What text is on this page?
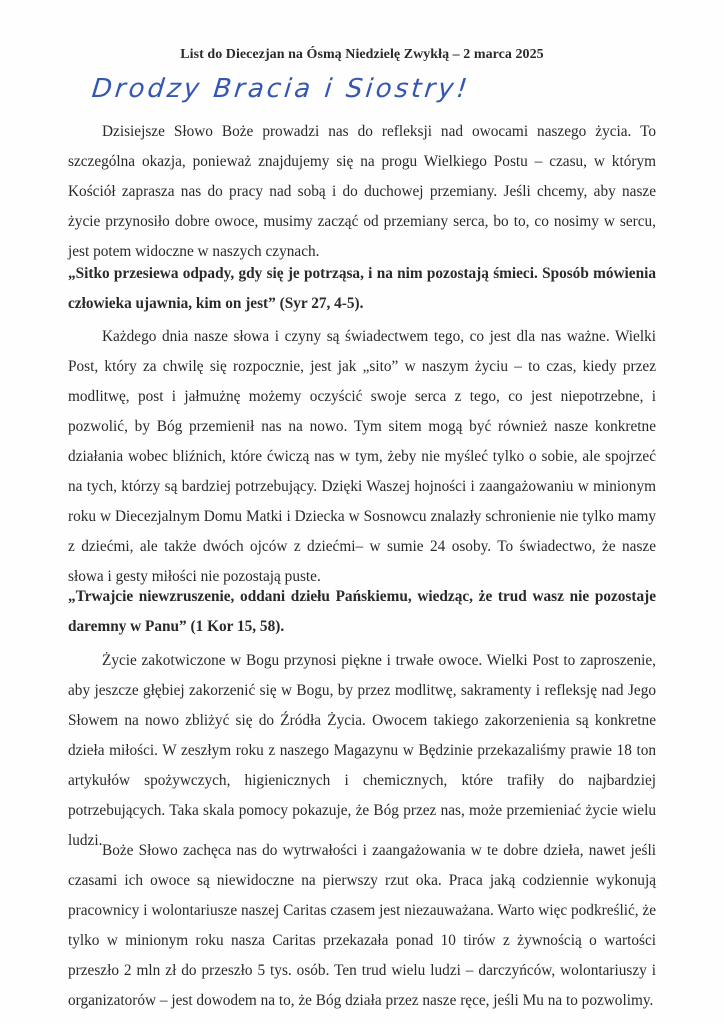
List do Diecezjan na Ósmą Niedzielę Zwykłą – 2 marca 2025
Drodzy Bracia i Siostry!

Dzisiejsze Słowo Boże prowadzi nas do refleksji nad owocami naszego życia. To szczególna okazja, ponieważ znajdujemy się na progu Wielkiego Postu – czasu, w którym Kościół zaprasza nas do pracy nad sobą i do duchowej przemiany. Jeśli chcemy, aby nasze życie przynosiło dobre owoce, musimy zacząć od przemiany serca, bo to, co nosimy w sercu, jest potem widoczne w naszych czynach.

„Sitko przesiewa odpady, gdy się je potrząsa, i na nim pozostają śmieci. Sposób mówienia człowieka ujawnia, kim on jest” (Syr 27, 4-5).

Każdego dnia nasze słowa i czyny są świadectwem tego, co jest dla nas ważne. Wielki Post, który za chwilę się rozpocznie, jest jak „sito” w naszym życiu – to czas, kiedy przez modlitwę, post i jałmużnę możemy oczyścić swoje serca z tego, co jest niepotrzebne, i pozwolić, by Bóg przemienił nas na nowo. Tym sitem mogą być również nasze konkretne działania wobec bliźnich, które ćwiczą nas w tym, żeby nie myśleć tylko o sobie, ale spojrzeć na tych, którzy są bardziej potrzebujący. Dzięki Waszej hojności i zaangażowaniu w minionym roku w Diecezjalnym Domu Matki i Dziecka w Sosnowcu znalazły schronienie nie tylko mamy z dziećmi, ale także dwóch ojców z dziećmi– w sumie 24 osoby. To świadectwo, że nasze słowa i gesty miłości nie pozostają puste.

„Trwajcie niewzruszenie, oddani dziełu Pańskiemu, wiedząc, że trud wasz nie pozostaje daremny w Panu” (1 Kor 15, 58).

Życie zakotwiczone w Bogu przynosi piękne i trwałe owoce. Wielki Post to zaproszenie, aby jeszcze głębiej zakorzenić się w Bogu, by przez modlitwę, sakramenty i refleksję nad Jego Słowem na nowo zbliżyć się do Źródła Życia. Owocem takiego zakorzenienia są konkretne dzieła miłości. W zeszłym roku z naszego Magazynu w Będzinie przekazaliśmy prawie 18 ton artykułów spożywczych, higienicznych i chemicznych, które trafiły do najbardziej potrzebujących. Taka skala pomocy pokazuje, że Bóg przez nas, może przemieniać życie wielu ludzi.

Boże Słowo zachęca nas do wytrwałości i zaangażowania w te dobre dzieła, nawet jeśli czasami ich owoce są niewidoczne na pierwszy rzut oka. Praca jaką codziennie wykonują pracownicy i wolontariusze naszej Caritas czasem jest niezauważana. Warto więc podkreślić, że tylko w minionym roku nasza Caritas przekazała ponad 10 tirów z żywnością o wartości przeszło 2 mln zł do przeszło 5 tys. osób. Ten trud wielu ludzi – darczyńców, wolontariuszy i organizatorów – jest dowodem na to, że Bóg działa przez nasze ręce, jeśli Mu na to pozwolimy.
